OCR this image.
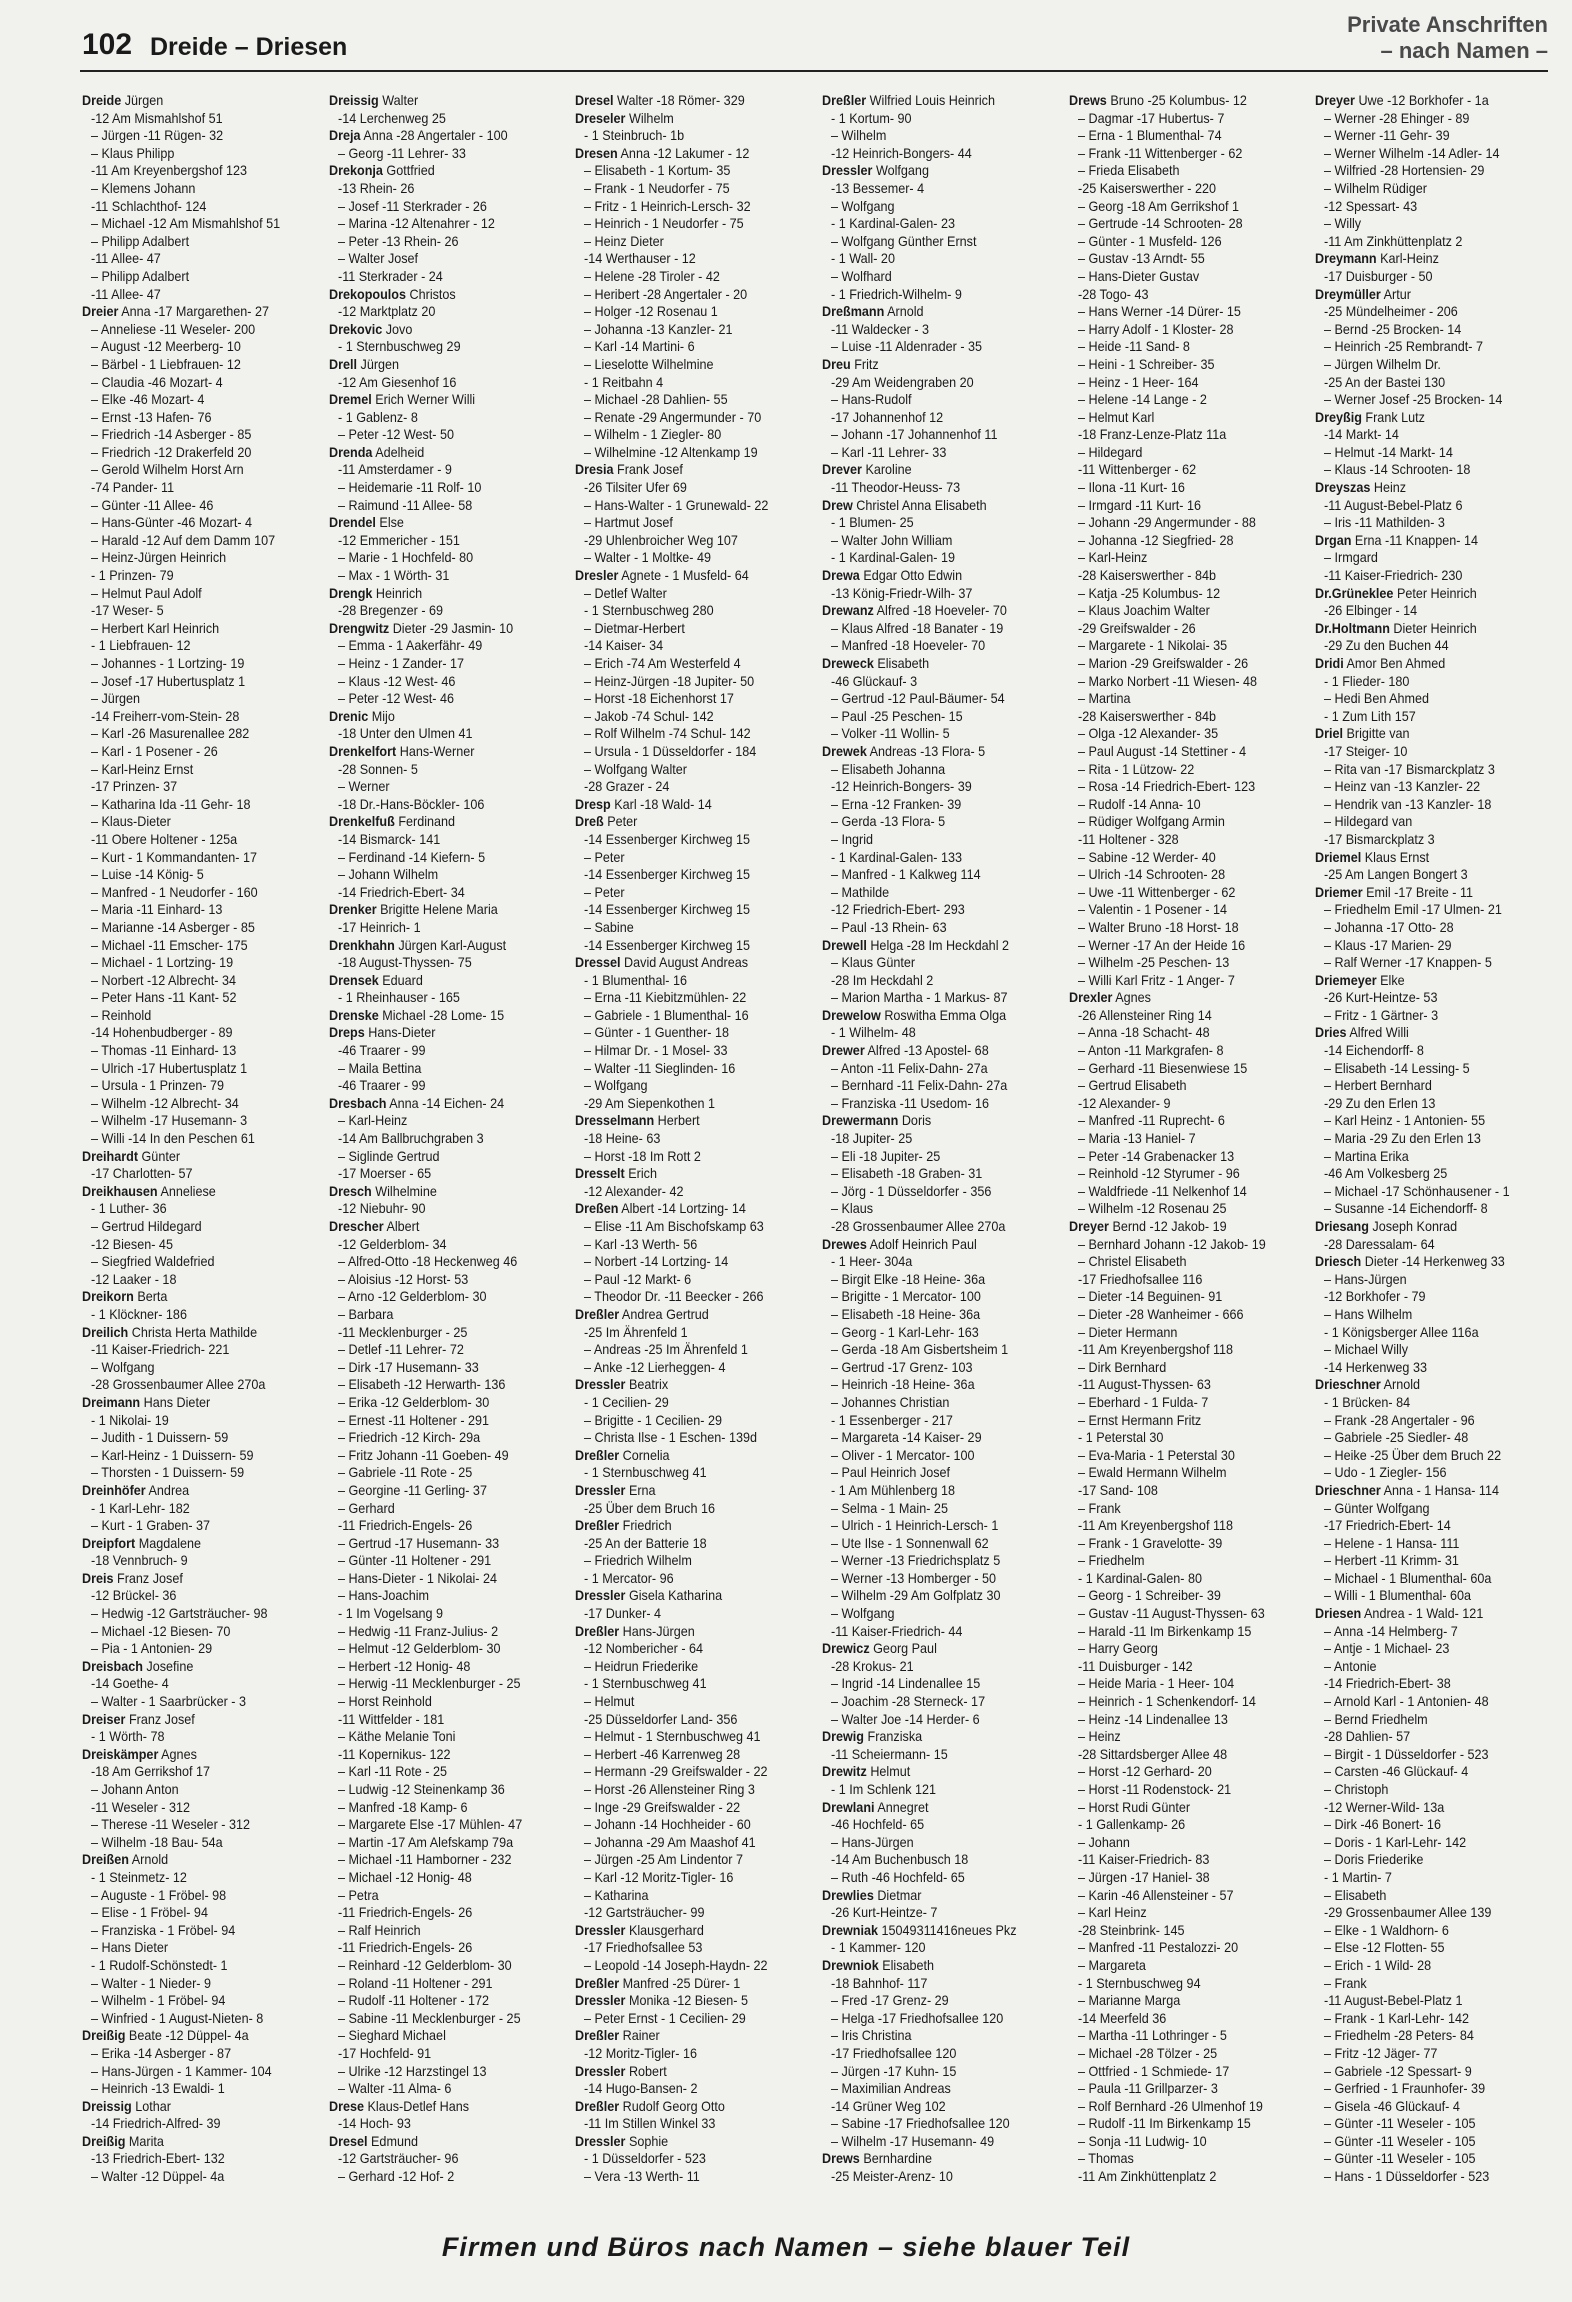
102 Dreide – Driesen
Private Anschriften
– nach Namen –
Dreide Jürgen
-12 Am Mismahlshof 51
– Jürgen -11 Rügen- 32
– Klaus Philipp
-11 Am Kreyenbergshof 123
– Klemens Johann
-11 Schlachthof- 124
– Michael -12 Am Mismahlshof 51
– Philipp Adalbert
-11 Allee- 47
– Philipp Adalbert
-11 Allee- 47
Dreier Anna -17 Margarethen- 27
– Anneliese -11 Weseler- 200
– August -12 Meerberg- 10
– Bärbel - 1 Liebfrauen- 12
– Claudia -46 Mozart- 4
– Elke -46 Mozart- 4
– Ernst -13 Hafen- 76
– Friedrich -14 Asberger - 85
– Friedrich -12 Drakerfeld 20
– Gerold Wilhelm Horst Arn
-74 Pander- 11
– Günter -11 Allee- 46
– Hans-Günter -46 Mozart- 4
– Harald -12 Auf dem Damm 107
– Heinz-Jürgen Heinrich
- 1 Prinzen- 79
– Helmut Paul Adolf
-17 Weser- 5
– Herbert Karl Heinrich
- 1 Liebfrauen- 12
– Johannes - 1 Lortzing- 19
– Josef -17 Hubertusplatz 1
– Jürgen
-14 Freiherr-vom-Stein- 28
– Karl -26 Masurenallee 282
– Karl - 1 Posener - 26
– Karl-Heinz Ernst
-17 Prinzen- 37
– Katharina Ida -11 Gehr- 18
– Klaus-Dieter
-11 Obere Holtener - 125a
– Kurt - 1 Kommandanten- 17
– Luise -14 König- 5
– Manfred - 1 Neudorfer - 160
– Maria -11 Einhard- 13
– Marianne -14 Asberger - 85
– Michael -11 Emscher- 175
– Michael - 1 Lortzing- 19
– Norbert -12 Albrecht- 34
– Peter Hans -11 Kant- 52
– Reinhold
-14 Hohenbudberger - 89
– Thomas -11 Einhard- 13
– Ulrich -17 Hubertusplatz 1
– Ursula - 1 Prinzen- 79
– Wilhelm -12 Albrecht- 34
– Wilhelm -17 Husemann- 3
– Willi -14 In den Peschen 61
Dreihardt Günter
-17 Charlotten- 57
Dreikhausen Anneliese
- 1 Luther- 36
– Gertrud Hildegard
-12 Biesen- 45
– Siegfried Waldefried
-12 Laaker - 18
Dreikorn Berta
- 1 Klöckner- 186
Dreilich Christa Herta Mathilde
-11 Kaiser-Friedrich- 221
– Wolfgang
-28 Grossenbaumer Allee 270a
Dreimann Hans Dieter
- 1 Nikolai- 19
– Judith - 1 Duissern- 59
– Karl-Heinz - 1 Duissern- 59
– Thorsten - 1 Duissern- 59
Dreinhöfer Andrea
- 1 Karl-Lehr- 182
– Kurt - 1 Graben- 37
Dreipfort Magdalene
-18 Vennbruch- 9
Dreis Franz Josef
-12 Brückel- 36
– Hedwig -12 Gartsträucher- 98
– Michael -12 Biesen- 70
– Pia - 1 Antonien- 29
Dreisbach Josefine
-14 Goethe- 4
– Walter - 1 Saarbrücker - 3
Dreiser Franz Josef
- 1 Wörth- 78
Dreiskämper Agnes
-18 Am Gerrikshof 17
– Johann Anton
-11 Weseler - 312
– Therese -11 Weseler - 312
– Wilhelm -18 Bau- 54a
Dreißen Arnold
- 1 Steinmetz- 12
– Auguste - 1 Fröbel- 98
– Elise - 1 Fröbel- 94
– Franziska - 1 Fröbel- 94
– Hans Dieter
- 1 Rudolf-Schönstedt- 1
– Walter - 1 Nieder- 9
– Wilhelm - 1 Fröbel- 94
– Winfried - 1 August-Nieten- 8
Dreißig Beate -12 Düppel- 4a
– Erika -14 Asberger - 87
– Hans-Jürgen - 1 Kammer- 104
– Heinrich -13 Ewaldi- 1
Dreissig Lothar
-14 Friedrich-Alfred- 39
Dreißig Marita
-13 Friedrich-Ebert- 132
– Walter -12 Düppel- 4a
Dreissig Walter
-14 Lerchenweg 25
Dreja Anna -28 Angertaler - 100
– Georg -11 Lehrer- 33
Drekonja Gottfried
-13 Rhein- 26
– Josef -11 Sterkrader - 26
– Marina -12 Altenahrer - 12
– Peter -13 Rhein- 26
– Walter Josef
-11 Sterkrader - 24
Drekopoulos Christos
-12 Marktplatz 20
Drekovic Jovo
- 1 Sternbuschweg 29
Drell Jürgen
-12 Am Giesenhof 16
Dremel Erich Werner Willi
- 1 Gablenz- 8
– Peter -12 West- 50
Drenda Adelheid
-11 Amsterdamer - 9
– Heidemarie -11 Rolf- 10
– Raimund -11 Allee- 58
Drendel Else
-12 Emmericher - 151
– Marie - 1 Hochfeld- 80
– Max - 1 Wörth- 31
Drengk Heinrich
-28 Bregenzer - 69
Drengwitz Dieter -29 Jasmin- 10
– Emma - 1 Aakerfähr- 49
– Heinz - 1 Zander- 17
– Klaus -12 West- 46
– Peter -12 West- 46
Drenic Mijo
-18 Unter den Ulmen 41
Drenkelfort Hans-Werner
-28 Sonnen- 5
– Werner
-18 Dr.-Hans-Böckler- 106
Drenkelfuß Ferdinand
-14 Bismarck- 141
– Ferdinand -14 Kiefern- 5
– Johann Wilhelm
-14 Friedrich-Ebert- 34
Drenker Brigitte Helene Maria
-17 Heinrich- 1
Drenkhahn Jürgen Karl-August
-18 August-Thyssen- 75
Drensek Eduard
- 1 Rheinhauser - 165
Drenske Michael -28 Lome- 15
Dreps Hans-Dieter
-46 Traarer - 99
– Maila Bettina
-46 Traarer - 99
Dresbach Anna -14 Eichen- 24
– Karl-Heinz
-14 Am Ballbruchgraben 3
– Siglinde Gertrud
-17 Moerser - 65
Dresch Wilhelmine
-12 Niebuhr- 90
Drescher Albert
-12 Gelderblom- 34
– Alfred-Otto -18 Heckenweg 46
– Aloisius -12 Horst- 53
– Arno -12 Gelderblom- 30
– Barbara
-11 Mecklenburger - 25
– Detlef -11 Lehrer- 72
– Dirk -17 Husemann- 33
– Elisabeth -12 Herwarth- 136
– Erika -12 Gelderblom- 30
– Ernest -11 Holtener - 291
– Friedrich -12 Kirch- 29a
– Fritz Johann -11 Goeben- 49
– Gabriele -11 Rote - 25
– Georgine -11 Gerling- 37
– Gerhard
-11 Friedrich-Engels- 26
– Gertrud -17 Husemann- 33
– Günter -11 Holtener - 291
– Hans-Dieter - 1 Nikolai- 24
– Hans-Joachim
- 1 Im Vogelsang 9
– Hedwig -11 Franz-Julius- 2
– Helmut -12 Gelderblom- 30
– Herbert -12 Honig- 48
– Herwig -11 Mecklenburger - 25
– Horst Reinhold
-11 Wittfelder - 181
– Käthe Melanie Toni
-11 Kopernikus- 122
– Karl -11 Rote - 25
– Ludwig -12 Steinenkamp 36
– Manfred -18 Kamp- 6
– Margarete Else -17 Mühlen- 47
– Martin -17 Am Alefskamp 79a
– Michael -11 Hamborner - 232
– Michael -12 Honig- 48
– Petra
-11 Friedrich-Engels- 26
– Ralf Heinrich
-11 Friedrich-Engels- 26
– Reinhard -12 Gelderblom- 30
– Roland -11 Holtener - 291
– Rudolf -11 Holtener - 172
– Sabine -11 Mecklenburger - 25
– Sieghard Michael
-17 Hochfeld- 91
– Ulrike -12 Harzstingel 13
– Walter -11 Alma- 6
Drese Klaus-Detlef Hans
-14 Hoch- 93
Dresel Edmund
-12 Gartsträucher- 96
– Gerhard -12 Hof- 2
Dresel Walter -18 Römer- 329
Dreseler Wilhelm
- 1 Steinbruch- 1b
Dresen Anna -12 Lakumer - 12
– Elisabeth - 1 Kortum- 35
– Frank - 1 Neudorfer - 75
– Fritz - 1 Heinrich-Lersch- 32
– Heinrich - 1 Neudorfer - 75
– Heinz Dieter
-14 Werthauser - 12
– Helene -28 Tiroler - 42
– Heribert -28 Angertaler - 20
– Holger -12 Rosenau 1
– Johanna -13 Kanzler- 21
– Karl -14 Martini- 6
– Lieselotte Wilhelmine
- 1 Reitbahn 4
– Michael -28 Dahlien- 55
– Renate -29 Angermunder - 70
– Wilhelm - 1 Ziegler- 80
– Wilhelmine -12 Altenkamp 19
Dresia Frank Josef
-26 Tilsiter Ufer 69
– Hans-Walter - 1 Grunewald- 22
– Hartmut Josef
-29 Uhlenbroicher Weg 107
– Walter - 1 Moltke- 49
Dresler Agnete - 1 Musfeld- 64
– Detlef Walter
- 1 Sternbuschweg 280
– Dietmar-Herbert
-14 Kaiser- 34
– Erich -74 Am Westerfeld 4
– Heinz-Jürgen -18 Jupiter- 50
– Horst -18 Eichenhorst 17
– Jakob -74 Schul- 142
– Rolf Wilhelm -74 Schul- 142
– Ursula - 1 Düsseldorfer - 184
– Wolfgang Walter
-28 Grazer - 24
Dresp Karl -18 Wald- 14
Dreß Peter
-14 Essenberger Kirchweg 15
– Peter
-14 Essenberger Kirchweg 15
– Peter
-14 Essenberger Kirchweg 15
– Sabine
-14 Essenberger Kirchweg 15
Dressel David August Andreas
- 1 Blumenthal- 16
– Erna -11 Kiebitzmühlen- 22
– Gabriele - 1 Blumenthal- 16
– Günter - 1 Guenther- 18
– Hilmar Dr. - 1 Mosel- 33
– Walter -11 Sieglinden- 16
– Wolfgang
-29 Am Siepenkothen 1
Dresselmann Herbert
-18 Heine- 63
– Horst -18 Im Rott 2
Dresselt Erich
-12 Alexander- 42
Dreßen Albert -14 Lortzing- 14
– Elise -11 Am Bischofskamp 63
– Karl -13 Werth- 56
– Norbert -14 Lortzing- 14
– Paul -12 Markt- 6
– Theodor Dr. -11 Beecker - 266
Dreßler Andrea Gertrud
-25 Im Ährenfeld 1
– Andreas -25 Im Ährenfeld 1
– Anke -12 Lierheggen- 4
Dressler Beatrix
- 1 Cecilien- 29
– Brigitte - 1 Cecilien- 29
– Christa Ilse - 1 Eschen- 139d
Dreßler Cornelia
- 1 Sternbuschweg 41
Dressler Erna
-25 Über dem Bruch 16
Dreßler Friedrich
-25 An der Batterie 18
– Friedrich Wilhelm
- 1 Mercator- 96
Dressler Gisela Katharina
-17 Dunker- 4
Dreßler Hans-Jürgen
-12 Nombericher - 64
– Heidrun Friederike
- 1 Sternbuschweg 41
– Helmut
-25 Düsseldorfer Land- 356
– Helmut - 1 Sternbuschweg 41
– Herbert -46 Karrenweg 28
– Hermann -29 Greifswalder - 22
– Horst -26 Allensteiner Ring 3
– Inge -29 Greifswalder - 22
– Johann -14 Hochheider - 60
– Johanna -29 Am Maashof 41
– Jürgen -25 Am Lindentor 7
– Karl -12 Moritz-Tigler- 16
– Katharina
-12 Gartsträucher- 99
Dressler Klausgerhard
-17 Friedhofsallee 53
– Leopold -14 Joseph-Haydn- 22
Dreßler Manfred -25 Dürer- 1
Dressler Monika -12 Biesen- 5
– Peter Ernst - 1 Cecilien- 29
Dreßler Rainer
-12 Moritz-Tigler- 16
Dressler Robert
-14 Hugo-Bansen- 2
Dreßler Rudolf Georg Otto
-11 Im Stillen Winkel 33
Dressler Sophie
- 1 Düsseldorfer - 523
– Vera -13 Werth- 11
Dreßler Wilfried Louis Heinrich
- 1 Kortum- 90
– Wilhelm
-12 Heinrich-Bongers- 44
Dressler Wolfgang
-13 Bessemer- 4
– Wolfgang
- 1 Kardinal-Galen- 23
– Wolfgang Günther Ernst
- 1 Wall- 20
– Wolfhard
- 1 Friedrich-Wilhelm- 9
Dreßmann Arnold
-11 Waldecker - 3
– Luise -11 Aldenrader - 35
Dreu Fritz
-29 Am Weidengraben 20
– Hans-Rudolf
-17 Johannenhof 12
– Johann -17 Johannenhof 11
– Karl -11 Lehrer- 33
Drever Karoline
-11 Theodor-Heuss- 73
Drew Christel Anna Elisabeth
- 1 Blumen- 25
– Walter John William
- 1 Kardinal-Galen- 19
Drewa Edgar Otto Edwin
-13 König-Friedr-Wilh- 37
Drewanz Alfred -18 Hoeveler- 70
– Klaus Alfred -18 Banater - 19
– Manfred -18 Hoeveler- 70
Dreweck Elisabeth
-46 Glückauf- 3
– Gertrud -12 Paul-Bäumer- 54
– Paul -25 Peschen- 15
– Volker -11 Wollin- 5
Drewek Andreas -13 Flora- 5
– Elisabeth Johanna
-12 Heinrich-Bongers- 39
– Erna -12 Franken- 39
– Gerda -13 Flora- 5
– Ingrid
- 1 Kardinal-Galen- 133
– Manfred - 1 Kalkweg 114
– Mathilde
-12 Friedrich-Ebert- 293
– Paul -13 Rhein- 63
Drewell Helga -28 Im Heckdahl 2
– Klaus Günter
-28 Im Heckdahl 2
– Marion Martha - 1 Markus- 87
Drewelow Roswitha Emma Olga
- 1 Wilhelm- 48
Drewer Alfred -13 Apostel- 68
– Anton -11 Felix-Dahn- 27a
– Bernhard -11 Felix-Dahn- 27a
– Franziska -11 Usedom- 16
Drewermann Doris
-18 Jupiter- 25
– Eli -18 Jupiter- 25
– Elisabeth -18 Graben- 31
– Jörg - 1 Düsseldorfer - 356
– Klaus
-28 Grossenbaumer Allee 270a
Drewes Adolf Heinrich Paul
- 1 Heer- 304a
– Birgit Elke -18 Heine- 36a
– Brigitte - 1 Mercator- 100
– Elisabeth -18 Heine- 36a
– Georg - 1 Karl-Lehr- 163
– Gerda -18 Am Gisbertsheim 1
– Gertrud -17 Grenz- 103
– Heinrich -18 Heine- 36a
– Johannes Christian
- 1 Essenberger - 217
– Margareta -14 Kaiser- 29
– Oliver - 1 Mercator- 100
– Paul Heinrich Josef
- 1 Am Mühlenberg 18
– Selma - 1 Main- 25
– Ulrich - 1 Heinrich-Lersch- 1
– Ute Ilse - 1 Sonnenwall 62
– Werner -13 Friedrichsplatz 5
– Werner -13 Homberger - 50
– Wilhelm -29 Am Golfplatz 30
– Wolfgang
-11 Kaiser-Friedrich- 44
Drewicz Georg Paul
-28 Krokus- 21
– Ingrid -14 Lindenallee 15
– Joachim -28 Sterneck- 17
– Walter Joe -14 Herder- 6
Drewig Franziska
-11 Scheiermann- 15
Drewitz Helmut
- 1 Im Schlenk 121
Drewlani Annegret
-46 Hochfeld- 65
– Hans-Jürgen
-14 Am Buchenbusch 18
– Ruth -46 Hochfeld- 65
Drewlies Dietmar
-26 Kurt-Heintze- 7
Drewniak 15049311416neues Pkz
- 1 Kammer- 120
Drewniok Elisabeth
-18 Bahnhof- 117
– Fred -17 Grenz- 29
– Helga -17 Friedhofsallee 120
– Iris Christina
-17 Friedhofsallee 120
– Jürgen -17 Kuhn- 15
– Maximilian Andreas
-14 Grüner Weg 102
– Sabine -17 Friedhofsallee 120
– Wilhelm -17 Husemann- 49
Drews Bernhardine
-25 Meister-Arenz- 10
Drews Bruno -25 Kolumbus- 12
– Dagmar -17 Hubertus- 7
– Erna - 1 Blumenthal- 74
– Frank -11 Wittenberger - 62
– Frieda Elisabeth
-25 Kaiserswerther - 220
– Georg -18 Am Gerrikshof 1
– Gertrude -14 Schrooten- 28
– Günter - 1 Musfeld- 126
– Gustav -13 Arndt- 55
– Hans-Dieter Gustav
-28 Togo- 43
– Hans Werner -14 Dürer- 15
– Harry Adolf - 1 Kloster- 28
– Heide -11 Sand- 8
– Heini - 1 Schreiber- 35
– Heinz - 1 Heer- 164
– Helene -14 Lange - 2
– Helmut Karl
-18 Franz-Lenze-Platz 11a
– Hildegard
-11 Wittenberger - 62
– Ilona -11 Kurt- 16
– Irmgard -11 Kurt- 16
– Johann -29 Angermunder - 88
– Johanna -12 Siegfried- 28
– Karl-Heinz
-28 Kaiserswerther - 84b
– Katja -25 Kolumbus- 12
– Klaus Joachim Walter
-29 Greifswalder - 26
– Margarete - 1 Nikolai- 35
– Marion -29 Greifswalder - 26
– Marko Norbert -11 Wiesen- 48
– Martina
-28 Kaiserswerther - 84b
– Olga -12 Alexander- 35
– Paul August -14 Stettiner - 4
– Rita - 1 Lützow- 22
– Rosa -14 Friedrich-Ebert- 123
– Rudolf -14 Anna- 10
– Rüdiger Wolfgang Armin
-11 Holtener - 328
– Sabine -12 Werder- 40
– Ulrich -14 Schrooten- 28
– Uwe -11 Wittenberger - 62
– Valentin - 1 Posener - 14
– Walter Bruno -18 Horst- 18
– Werner -17 An der Heide 16
– Wilhelm -25 Peschen- 13
– Willi Karl Fritz - 1 Anger- 7
Drexler Agnes
-26 Allensteiner Ring 14
– Anna -18 Schacht- 48
– Anton -11 Markgrafen- 8
– Gerhard -11 Biesenwiese 15
– Gertrud Elisabeth
-12 Alexander- 9
– Manfred -11 Ruprecht- 6
– Maria -13 Haniel- 7
– Peter -14 Grabenacker 13
– Reinhold -12 Styrumer - 96
– Waldfriede -11 Nelkenhof 14
– Wilhelm -12 Rosenau 25
Dreyer Bernd -12 Jakob- 19
– Bernhard Johann -12 Jakob- 19
– Christel Elisabeth
-17 Friedhofsallee 116
– Dieter -14 Beguinen- 91
– Dieter -28 Wanheimer - 666
– Dieter Hermann
-11 Am Kreyenbergshof 118
– Dirk Bernhard
-11 August-Thyssen- 63
– Eberhard - 1 Fulda- 7
– Ernst Hermann Fritz
- 1 Peterstal 30
– Eva-Maria - 1 Peterstal 30
– Ewald Hermann Wilhelm
-17 Sand- 108
– Frank
-11 Am Kreyenbergshof 118
– Frank - 1 Gravelotte- 39
– Friedhelm
- 1 Kardinal-Galen- 80
– Georg - 1 Schreiber- 39
– Gustav -11 August-Thyssen- 63
– Harald -11 Im Birkenkamp 15
– Harry Georg
-11 Duisburger - 142
– Heide Maria - 1 Heer- 104
– Heinrich - 1 Schenkendorf- 14
– Heinz -14 Lindenallee 13
– Heinz
-28 Sittardsberger Allee 48
– Horst -12 Gerhard- 20
– Horst -11 Rodenstock- 21
– Horst Rudi Günter
- 1 Gallenkamp- 26
– Johann
-11 Kaiser-Friedrich- 83
– Jürgen -17 Haniel- 38
– Karin -46 Allensteiner - 57
– Karl Heinz
-28 Steinbrink- 145
– Manfred -11 Pestalozzi- 20
– Margareta
- 1 Sternbuschweg 94
– Marianne Marga
-14 Meerfeld 36
– Martha -11 Lothringer - 5
– Michael -28 Tölzer - 25
– Ottfried - 1 Schmiede- 17
– Paula -11 Grillparzer- 3
– Rolf Bernhard -26 Ulmenhof 19
– Rudolf -11 Im Birkenkamp 15
– Sonja -11 Ludwig- 10
– Thomas
-11 Am Zinkhüttenplatz 2
Dreyer Uwe -12 Borkhofer - 1a
– Werner -28 Ehinger - 89
– Werner -11 Gehr- 39
– Werner Wilhelm -14 Adler- 14
– Wilfried -28 Hortensien- 29
– Wilhelm Rüdiger
-12 Spessart- 43
– Willy
-11 Am Zinkhüttenplatz 2
Dreymann Karl-Heinz
-17 Duisburger - 50
Dreymüller Artur
-25 Mündelheimer - 206
– Bernd -25 Brocken- 14
– Heinrich -25 Rembrandt- 7
– Jürgen Wilhelm Dr.
-25 An der Bastei 130
– Werner Josef -25 Brocken- 14
Dreyßig Frank Lutz
-14 Markt- 14
– Helmut -14 Markt- 14
– Klaus -14 Schrooten- 18
Dreyszas Heinz
-11 August-Bebel-Platz 6
– Iris -11 Mathilden- 3
Drgan Erna -11 Knappen- 14
– Irmgard
-11 Kaiser-Friedrich- 230
Dr.Grüneklee Peter Heinrich
-26 Elbinger - 14
Dr.Holtmann Dieter Heinrich
-29 Zu den Buchen 44
Dridi Amor Ben Ahmed
- 1 Flieder- 180
– Hedi Ben Ahmed
- 1 Zum Lith 157
Driel Brigitte van
-17 Steiger- 10
– Rita van -17 Bismarckplatz 3
– Heinz van -13 Kanzler- 22
– Hendrik van -13 Kanzler- 18
– Hildegard van
-17 Bismarckplatz 3
Driemel Klaus Ernst
-25 Am Langen Bongert 3
Driemer Emil -17 Breite - 11
– Friedhelm Emil -17 Ulmen- 21
– Johanna -17 Otto- 28
– Klaus -17 Marien- 29
– Ralf Werner -17 Knappen- 5
Driemeyer Elke
-26 Kurt-Heintze- 53
– Fritz - 1 Gärtner- 3
Dries Alfred Willi
-14 Eichendorff- 8
– Elisabeth -14 Lessing- 5
– Herbert Bernhard
-29 Zu den Erlen 13
– Karl Heinz - 1 Antonien- 55
– Maria -29 Zu den Erlen 13
– Martina Erika
-46 Am Volkesberg 25
– Michael -17 Schönhausener - 1
– Susanne -14 Eichendorff- 8
Driesang Joseph Konrad
-28 Daressalam- 64
Driesch Dieter -14 Herkenweg 33
– Hans-Jürgen
-12 Borkhofer - 79
– Hans Wilhelm
- 1 Königsberger Allee 116a
– Michael Willy
-14 Herkenweg 33
Drieschner Arnold
- 1 Brücken- 84
– Frank -28 Angertaler - 96
– Gabriele -25 Siedler- 48
– Heike -25 Über dem Bruch 22
– Udo - 1 Ziegler- 156
Drieschner Anna - 1 Hansa- 114
– Günter Wolfgang
-17 Friedrich-Ebert- 14
– Helene - 1 Hansa- 111
– Herbert -11 Krimm- 31
– Michael - 1 Blumenthal- 60a
– Willi - 1 Blumenthal- 60a
Driesen Andrea - 1 Wald- 121
– Anna -14 Helmberg- 7
– Antje - 1 Michael- 23
– Antonie
-14 Friedrich-Ebert- 38
– Arnold Karl - 1 Antonien- 48
– Bernd Friedhelm
-28 Dahlien- 57
– Birgit - 1 Düsseldorfer - 523
– Carsten -46 Glückauf- 4
– Christoph
-12 Werner-Wild- 13a
– Dirk -46 Bonert- 16
– Doris - 1 Karl-Lehr- 142
– Doris Friederike
- 1 Martin- 7
– Elisabeth
-29 Grossenbaumer Allee 139
– Elke - 1 Waldhorn- 6
– Else -12 Flotten- 55
– Erich - 1 Wild- 28
– Frank
-11 August-Bebel-Platz 1
– Frank - 1 Karl-Lehr- 142
– Friedhelm -28 Peters- 84
– Fritz -12 Jäger- 77
– Gabriele -12 Spessart- 9
– Gerfried - 1 Fraunhofer- 39
– Gisela -46 Glückauf- 4
– Günter -11 Weseler - 105
– Günter -11 Weseler - 105
– Günter -11 Weseler - 105
– Hans - 1 Düsseldorfer - 523
Firmen und Büros nach Namen – siehe blauer Teil
